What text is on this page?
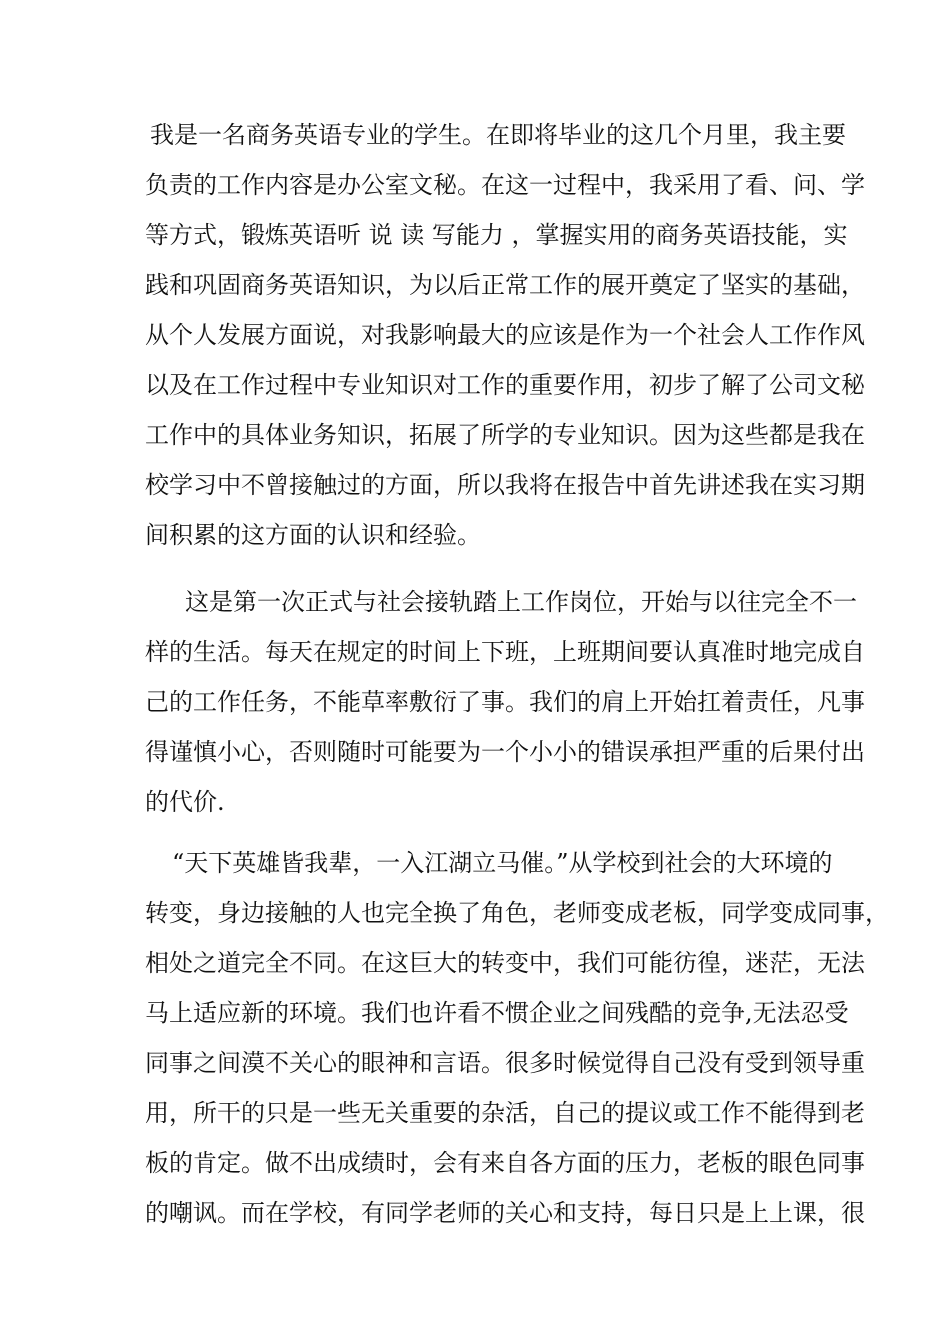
我是一名商务英语专业的学生。在即将毕业的这几个月里，我主要
负责的工作内容是办公室文秘。在这一过程中，我采用了看、问、学
等方式，锻炼英语听 说 读 写能力 ，掌握实用的商务英语技能，实
践和巩固商务英语知识，为以后正常工作的展开奠定了坚实的基础，
从个人发展方面说，对我影响最大的应该是作为一个社会人工作作风
以及在工作过程中专业知识对工作的重要作用，初步了解了公司文秘
工作中的具体业务知识，拓展了所学的专业知识。因为这些都是我在
校学习中不曾接触过的方面，所以我将在报告中首先讲述我在实习期
间积累的这方面的认识和经验。
这是第一次正式与社会接轨踏上工作岗位，开始与以往完全不一
样的生活。每天在规定的时间上下班，上班期间要认真准时地完成自
己的工作任务，不能草率敷衍了事。我们的肩上开始扛着责任，凡事
得谨慎小心，否则随时可能要为一个小小的错误承担严重的后果付出
的代价.
“天下英雄皆我辈，一入江湖立马催。”从学校到社会的大环境的
转变，身边接触的人也完全换了角色，老师变成老板，同学变成同事，
相处之道完全不同。在这巨大的转变中，我们可能彷徨，迷茫，无法
马上适应新的环境。我们也许看不惯企业之间残酷的竞争,无法忍受
同事之间漠不关心的眼神和言语。很多时候觉得自己没有受到领导重
用，所干的只是一些无关重要的杂活，自己的提议或工作不能得到老
板的肯定。做不出成绩时，会有来自各方面的压力，老板的眼色同事
的嘲讽。而在学校，有同学老师的关心和支持，每日只是上上课，很
